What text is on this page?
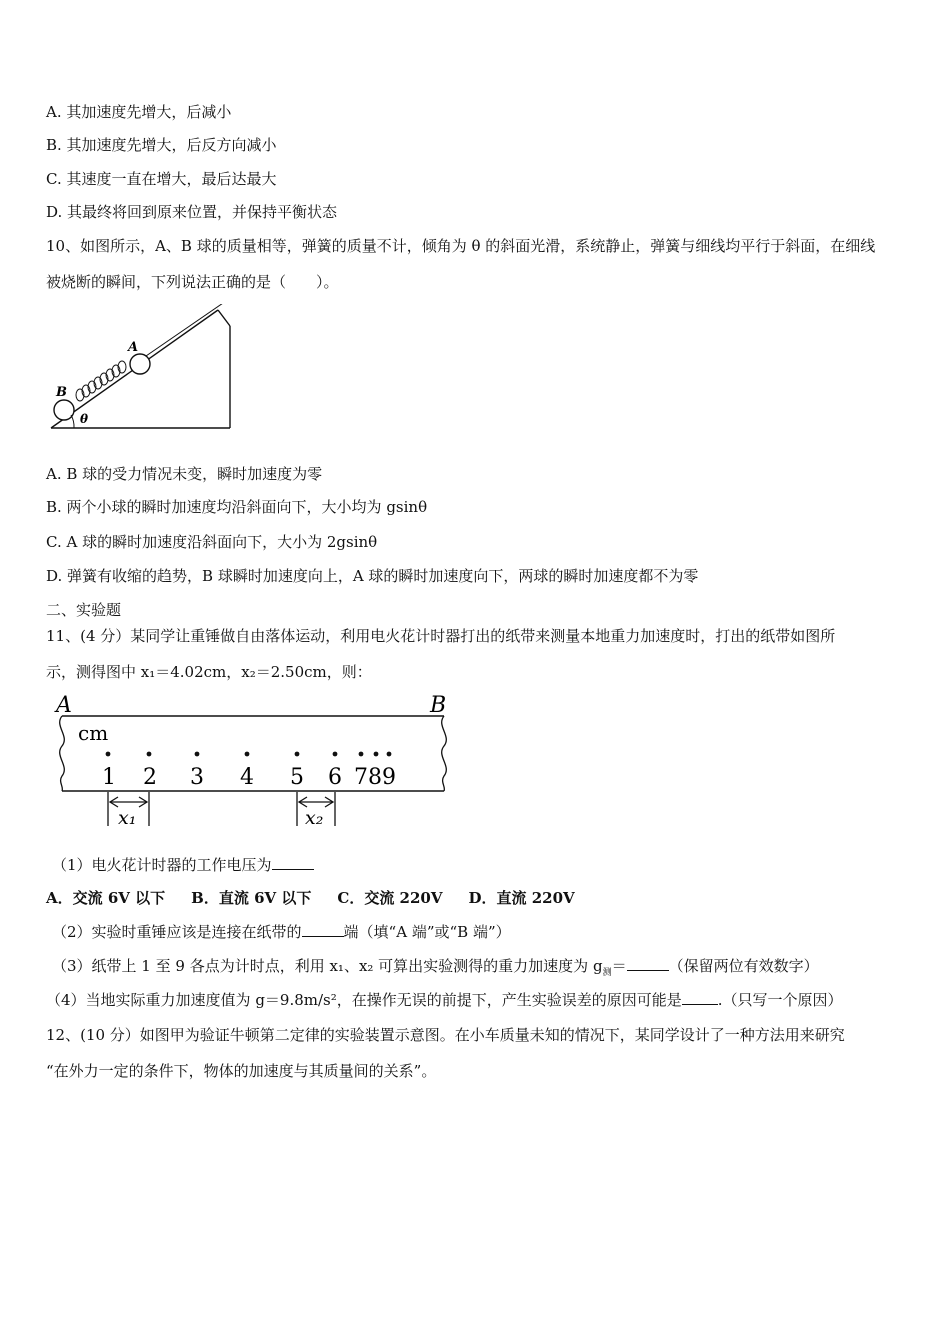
A. 其加速度先增大，后减小
B. 其加速度先增大，后反方向减小
C. 其速度一直在增大，最后达最大
D. 其最终将回到原来位置，并保持平衡状态
10、如图所示，A、B 球的质量相等，弹簧的质量不计，倾角为 θ 的斜面光滑，系统静止，弹簧与细线均平行于斜面，在细线
被烧断的瞬间，下列说法正确的是（　　）。
A
B
θ
A. B 球的受力情况未变，瞬时加速度为零
B. 两个小球的瞬时加速度均沿斜面向下，大小均为 gsinθ
C. A 球的瞬时加速度沿斜面向下，大小为 2gsinθ
D. 弹簧有收缩的趋势，B 球瞬时加速度向上，A 球的瞬时加速度向下，两球的瞬时加速度都不为零
二、实验题
11、(4 分）某同学让重锤做自由落体运动，利用电火花计时器打出的纸带来测量本地重力加速度时，打出的纸带如图所
示，测得图中 x₁＝4.02cm，x₂＝2.50cm，则：
A	B
cm
1 2 3 4 5 6 7 8 9
x₁	x₂
（1）电火花计时器的工作电压为
A．交流 6V 以下 B．直流 6V 以下 C．交流 220V D．直流 220V
（2）实验时重锤应该是连接在纸带的	端（填“A 端”或“B 端”）
（3）纸带上 1 至 9 各点为计时点，利用 x₁、x₂ 可算出实验测得的重力加速度为 $g_测=$	（保留两位有效数字）
（4）当地实际重力加速度值为 g＝9.8m/s²，在操作无误的前提下，产生实验误差的原因可能是 .（只写一个原因）
12、(10 分）如图甲为验证牛顿第二定律的实验装置示意图。在小车质量未知的情况下，某同学设计了一种方法用来研究
“在外力一定的条件下，物体的加速度与其质量间的关系”。
